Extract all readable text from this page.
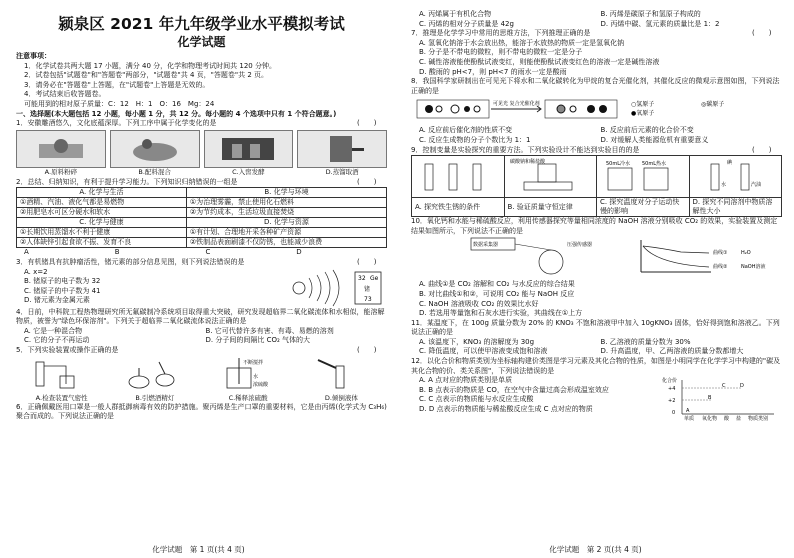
颍泉区 2021 年九年级学业水平模拟考试
化学试题
注意事项：
1．化学试卷共两大题 17 小题，满分 40 分，化学和物理考试时间共 120 分钟。
2．试卷包括"试题卷"和"答题卷"两部分，"试题卷"共 4 页，"答题卷"共 2 页。
3．请务必在"答题卷"上答题，在"试题卷"上答题是无效的。
4．考试结束后收答题卷。
可能用到的相对原子质量：C：12　H：1　O：16　Mg：24
一、选择题(本大题包括 12 小题，每小题 1 分，共 12 分。每小题的 4 个选项中只有 1 个符合题意。)
1．安徽雕酒悠久，文化底蕴深厚。下列工序中属于化学变化的是	(　　)
A.原料粉碎	B.配料混合	C.入窖发酵	D.蒸馏取酒
2．总结、归纳知识，有利于提升学习能力。下列知识归纳错误的一组是	(　　)
A. 化学与生活	B. 化学与环境
①酒精、汽油、液化气都是易燃物	①为治理雾霾，禁止使用化石燃料
②用肥皂水可区分硬水和软水	②为节约成本，生活垃圾直接焚烧
C. 化学与健康	D. 化学与资源
①长期饮用蒸馏水不利于健康	①有计划、合理地开采各种矿产资源
②人体缺锌引起食欲不振、发育不良	②铁制品表面刷漆不仅防锈，也能减少浪费
A	B	C	D
3．有机锗具有抗肿瘤活性，锗元素的部分信息见图，则下列说法错误的是	(　　)
A. x=2
B. 锗原子的电子数为 32
C. 锗原子的中子数为 41
D. 锗元素为金属元素
32 Ge
锗
73
4．日前，中科院工程热物理研究所无氟碳制冷系统项目取得重大突破，研究发现超临界二氧化碳流体和水相似，能溶解物质，被誉为"绿色环保溶剂"。下列关于超临界二氧化碳流体说法正确的是
A. 它是一种混合物	B. 它可代替许多有害、有毒、易燃的溶剂
C. 它的分子不再运动	D. 分子间的间隔比 CO₂ 气体的大
5．下列实验装置或操作正确的是	(　　)
A.检查装置气密性	B.引燃酒精灯
不断搅拌
水
浓硫酸
C.稀释浓硫酸	D.倾倒液体
6．正确佩戴医用口罩是一般人群抵御病毒有效的防护措施。聚丙烯是生产口罩的重要材料，它是由丙烯(化学式为 C₃H₆)聚合而成的。下列说法正确的是
化学试题　第 1 页(共 4 页)
A. 丙烯属于有机化合物	B. 丙烯是碳原子和氢原子构成的
C. 丙烯的相对分子质量是 42g	D. 丙烯中碳、氢元素的质量比是 1：2
7．推理是化学学习中常用的思维方法，下列推理正确的是	(　　)
A. 氢氧化钠溶于水会放出热，能溶于水放热的物质一定是氢氧化钠
B. 分子是不带电的微粒，则不带电的微粒一定是分子
C. 碱性溶液能使酚酞试液变红，则能使酚酞试液变红色的溶液一定是碱性溶液
D. 酸雨的 pH<7，则 pH<7 的雨水一定是酸雨
8．我国科学家研制出在可见光下将水和二氧化碳转化为甲烷的复合光催化剂，其催化反应的微观示意图如图，下列说法正确的是
可见光 复合光催化剂	○氢原子
●氧原子
◎碳原子
A. 反应前后催化剂的性质不变	B. 反应前后元素的化合价不变
C. 反应生成物的分子个数比为 1：1	D. 对缓解人类能源危机有重要意义
9．控制变量是实验探究的重要方法。下列实验设计不能达到实验目的的是	(　　)

碳酸钠和稀盐酸	50mL冷水 50mL热水	碘
水 汽油

A. 探究铁生锈的条件	B. 验证质量守恒定律	C. 探究温度对分子运动快慢的影响	D. 探究不同溶剂中物质溶解性大小
10．氧化钙和水能与稀硫酸反应，利用传感器探究等量相同浓度的 NaOH 溶液分别吸收 CO₂ 的效果，实验装置及测定结果如图所示，下列说法不正确的是
数据采集器	压强传感器
曲线①
曲线②
H₂O
NaOH溶液
A. 曲线①是 CO₂ 溶解和 CO₂ 与水反应的综合结果
B. 对比曲线①和②，可说明 CO₂ 能与 NaOH 反应
C. NaOH 溶液吸收 CO₂ 的效果比水好
D. 若选用等量饱和石灰水进行实验，其曲线在①上方
11．某温度下，在 100g 质量分数为 20% 的 KNO₃ 不饱和溶液甲中加入 10gKNO₃ 固体，恰好得到饱和溶液乙。下列说法正确的是
A. 该温度下，KNO₃ 的溶解度为 30g	B. 乙溶液的质量分数为 30%
C. 降低温度，可以使甲溶液变成饱和溶液	D. 升高温度，甲、乙两溶液的质量分数都增大
12．以化合价和物质类别为坐标轴构建价类图是学习元素及其化合物的性质，如图是小明同学在化学学习中构建的"碳及其化合物的价、类关系图"，下列说法错误的是
A. A 点对应的物质类别是单质
B. B 点表示的物质是 CO，在空气中含量过高会形成温室效应
C. C 点表示的物质能与水反应生成酸
D. D 点表示的物质能与稀盐酸反应生成 C 点对应的物质
化合价
+4
+2
0
单质 氧化物 酸 盐 物质类别
A
B
C	D
化学试题　第 2 页(共 4 页)
